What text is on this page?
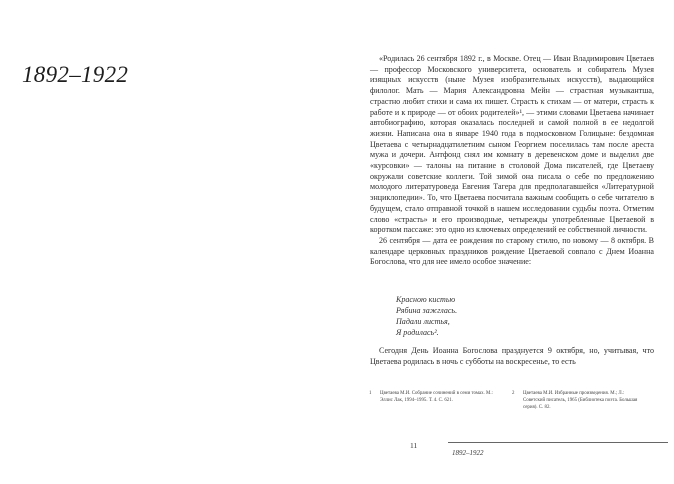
1892–1922

«Родилась 26 сентября 1892 г., в Москве. Отец — Иван Владимирович Цветаев — профессор Московского университета, основатель и собиратель Музея изящных искусств (ныне Музея изобразительных искусств), выдающийся филолог. Мать — Мария Александровна Мейн — страстная музыкантша, страстно любит стихи и сама их пишет. Страсть к стихам — от матери, страсть к работе и к природе — от обоих родителей»¹, — этими словами Цветаева начинает автобиографию, которая оказалась последней и самой полной в ее недолгой жизни. Написана она в январе 1940 года в подмосковном Голицыне: бездомная Цветаева с четырнадцатилетним сыном Георгием поселилась там после ареста мужа и дочери. Антфонд снял им комнату в деревенском доме и выделил две «курсовки» — талоны на питание в столовой Дома писателей, где Цветаеву окружали советские коллеги. Той зимой она писала о себе по предложению молодого литературоведа Евгения Тагера для предполагавшейся «Литературной энциклопедии». То, что Цветаева посчитала важным сообщить о себе читателю в будущем, стало отправной точкой в нашем исследовании судьбы поэта. Отметим слово «страсть» и его производные, четырежды употребленные Цветаевой в коротком пассаже: это одно из ключевых определений ее собственной личности.

26 сентября — дата ее рождения по старому стилю, по новому — 8 октября. В календаре церковных праздников рождение Цветаевой совпало с Днем Иоанна Богослова, что для нее имело особое значение:

Красною кистью
Рябина зажглась.
Падали листья,
Я родилась².

Сегодня День Иоанна Богослова празднуется 9 октября, но, учитывая, что Цветаева родилась в ночь с субботы на воскресенье, то есть

1	Цветаева М.И. Собрание сочинений в семи томах. М.: Эллис Лак, 1994–1995. Т. 4. С. 621.
2	Цветаева М.И. Избранные произведения. М.; Л.: Советский писатель, 1965 (Библиотека поэта. Большая серия). С. 82.
11
1892–1922
